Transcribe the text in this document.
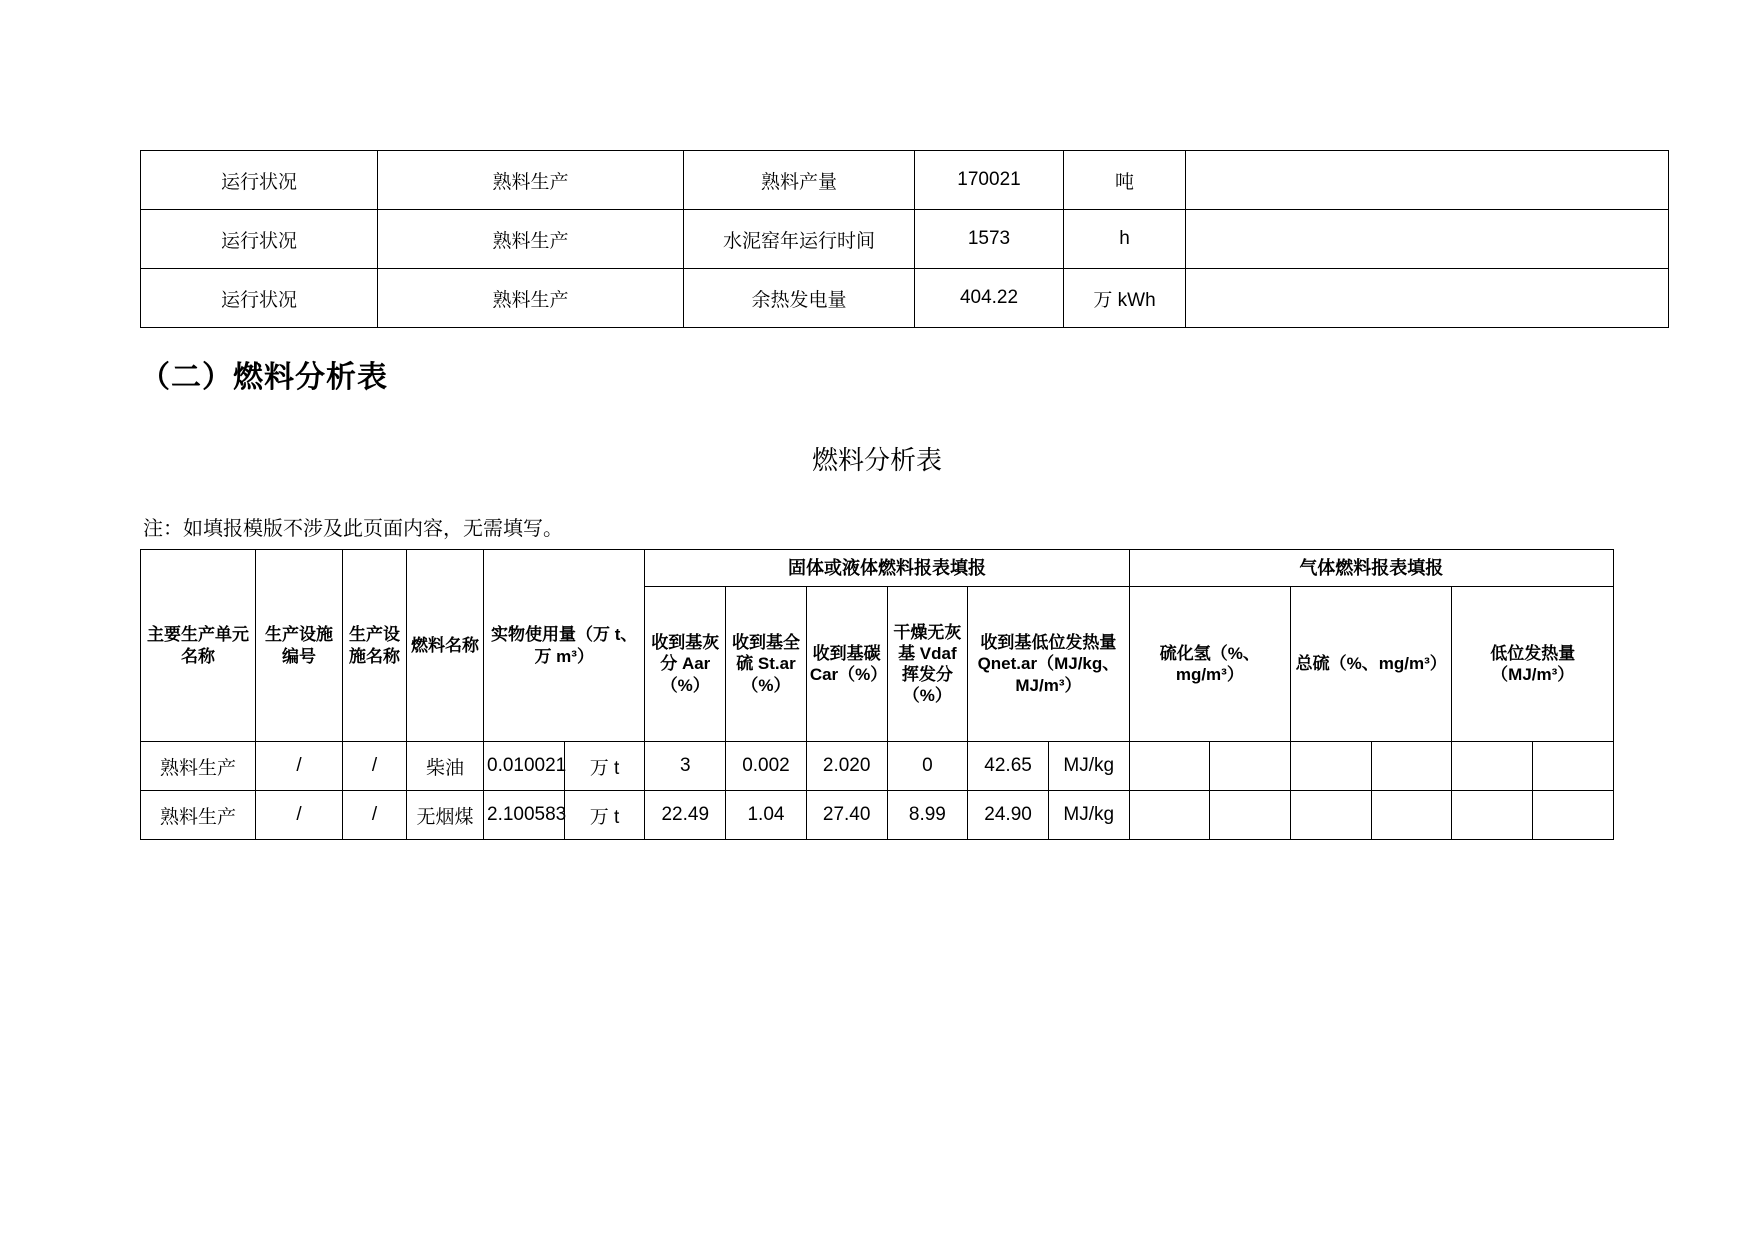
运行状况	熟料生产	熟料产量	170021	吨	
运行状况	熟料生产	水泥窑年运行时间	1573	h	
运行状况	熟料生产	余热发电量	404.22	万 kWh	
（二）燃料分析表
燃料分析表
注：如填报模版不涉及此页面内容，无需填写。
主要生产单元名称	生产设施编号	生产设施名称	燃料名称	实物使用量（万 t、万 m³）		固体或液体燃料报表填报						气体燃料报表填报					
						收到基灰分 Aar（%）	收到基全硫 St.ar（%）	收到基碳 Car（%）	干燥无灰基 Vdaf 挥发分（%）	收到基低位发热量 Qnet.ar（MJ/kg、MJ/m³）		硫化氢（%、mg/m³）		总硫（%、mg/m³）		低位发热量（MJ/m³）	
熟料生产	/	/	柴油	0.010021	万 t	3	0.002	2.020	0	42.65	MJ/kg						
熟料生产	/	/	无烟煤	2.100583	万 t	22.49	1.04	27.40	8.99	24.90	MJ/kg						
